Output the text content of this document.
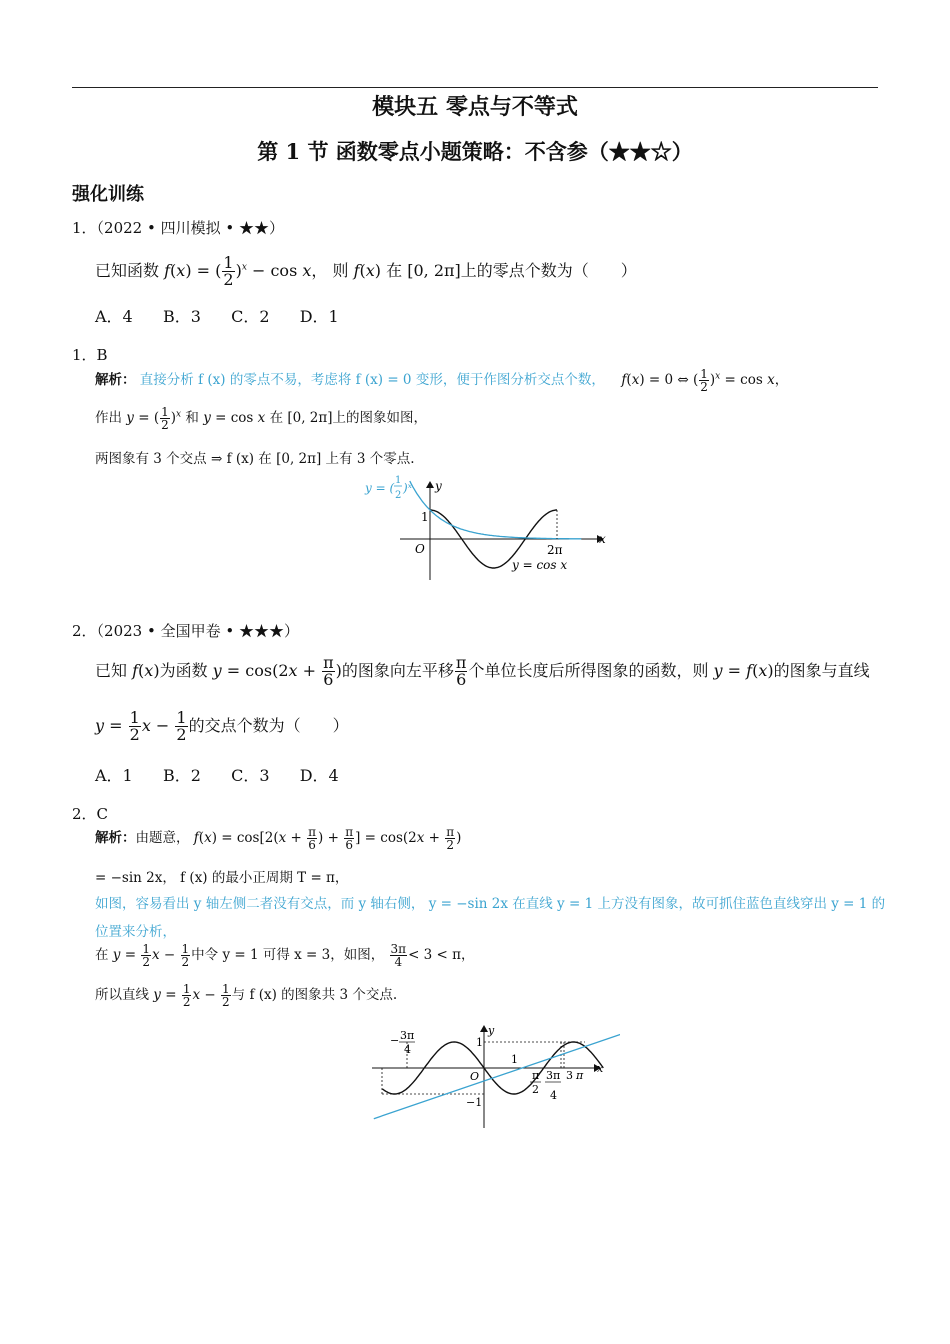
模块五 零点与不等式
第 1 节 函数零点小题策略：不含参（★★☆）
强化训练
1．（2022 • 四川模拟 • ★★）
已知函数 f(x) = ( $\frac{1}{2} )^x - \cos x$， 则 f(x) 在 [0, 2π]上的零点个数为（　　）
A．4 B．3 C．2 D．1
1．B
解析： 直接分析 f (x) 的零点不易，考虑将 f (x) = 0 变形，便于作图分析交点个数， f(x) = 0 ⇔ ( $\frac{1}{2} )^x = \cos x$，
作出 y = ( $\frac{1}{2} )^x$ 和 y = cos x 在 [0, 2π]上的图象如图，
两图象有 3 个交点 ⇒ f (x) 在 [0, 2π] 上有 3 个零点.
y = (
1
2
)ˣ y
x
O
1
2π
y = cos x
2．（2023 • 全国甲卷 • ★★★）
已知 f(x)为函数 $y = \cos(2x + \frac{\pi}{6}$ )的图象向左平移 $\frac{\pi}{6}$ 个单位长度后所得图象的函数，则 y = f(x)的图象与直线
$y = \frac{1}{2}$ $x - \frac{1}{2}$ 的交点个数为（　　）
A．1 B．2 C．3 D．4
2．C
解析：由题意， $f(x) = \cos[2(x + \frac{\pi}{6}$ ) + $\frac{\pi}{6}$ ] = $\cos(2x + \frac{\pi}{2}$ )
= −sin 2x， f (x) 的最小正周期 T = π，
如图，容易看出 y 轴左侧二者没有交点，而 y 轴右侧， y = −sin 2x 在直线 y = 1 上方没有图象，故可抓住蓝色直线穿出 y = 1 的
位置来分析，
在 $y = \frac{1}{2}$ $x - \frac{1}{2}$ 中令 y = 1 可得 x = 3，如图， $\frac{3\pi}{4} < 3 < \pi$，
所以直线 $y = \frac{1}{2}$ $x - \frac{1}{2}$ 与 f (x) 的图象共 3 个交点.
− 3π
4
y
x
O
1
1
−1
π
2
3π
4
3 π
